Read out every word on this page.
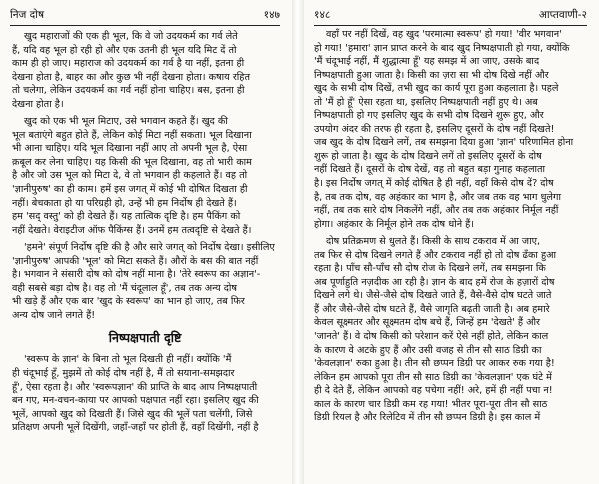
निज दोष	१४७
खुद महाराजों की एक ही भूल, कि वे जो उदयकर्म का गर्व लेते
हैं, यदि वह भूल हो रही हो और एक उतनी ही भूल यदि मिट दें तो
काम ही हो जाए। महाराज को उदयकर्म का गर्व है या नहीं, इतना ही
देखना होता है, बाहर का और कुछ भी नहीं देखना होता। कषाय रहित
तो चलेगा, लेकिन उदयकर्म का गर्व नहीं होना चाहिए। बस, इतना ही
देखना होता है।
खुद को एक भी भूल मिटाए, उसे भगवान कहते हैं। खुद की
भूल बताएंगे बहुत होते हैं, लेकिन कोई मिटा नहीं सकता। भूल दिखाना
भी आना चाहिए। यदि भूल दिखाना नहीं आए तो अपनी भूल है, ऐसा
क़बूल कर लेना चाहिए। यह किसी की भूल दिखाना, वह तो भारी काम
है और जो उस भूल को मिटा दे, वे तो भगवान ही कहलाते हैं। वह तो
'ज्ञानीपुरुष' का ही काम। हमें इस जगत् में कोई भी दोषित दिखता ही
नहीं। बेचकाता हो या परिग्रही हो, उन्हें भी हम निर्दोष ही देखते हैं।
हम 'सद् वस्तु' को ही देखते हैं। यह तात्विक दृष्टि है। हम पैकिंग को
नहीं देखते। वेराइटीज ऑफ पैकिंग्स हैं। उनमें हम तत्वदृष्टि से देखते हैं।
'हमने' संपूर्ण निर्दोष दृष्टि की है और सारे जगत् को निर्दोष देखा। इसीलिए
'ज्ञानीपुरुष' आपकी 'भूल' को मिटा सकते हैं। औरों के बस की बात नहीं
है। भगवान ने संसारी दोष को दोष नहीं माना है। 'तेरे स्वरूप का अज्ञान'-
वही सबसे बड़ा दोष है। वह तो 'मैं चंदूलाल हूँ', तब तक अन्य दोष
भी खड़े हैं और एक बार 'खुद के स्वरूप' का भान हो जाए, तब फिर
अन्य दोष जाने लगते हैं!
निष्पक्षपाती दृष्टि
'स्वरूप के ज्ञान' के बिना तो भूल दिखती ही नहीं। क्योंकि 'मैं
ही चंदूभाई हूँ, मुझमें तो कोई दोष नहीं है, मैं तो सयाना-समझदार
हूँ', ऐसा रहता है। और 'स्वरूपज्ञान' की प्राप्ति के बाद आप निष्पक्षपाती
बन गए, मन-वचन-काया पर आपको पक्षपात नहीं रहा। इसलिए खुद की
भूलें, आपको खुद को दिखती हैं। जिसे खुद की भूलें पता चलेंगी, जिसे
प्रतिक्षण अपनी भूलें दिखेंगी, जहाँ-जहाँ पर होती हैं, वहाँ दिखेंगी, नहीं है
१४८	आप्तवाणी-२
वहाँ पर नहीं दिखें, वह खुद 'परमात्मा स्वरूप' हो गया! 'वीर भगवान'
हो गया! 'हमारा' ज्ञान प्राप्त करने के बाद खुद निष्पक्षपाती हो गया, क्योंकि
'मैं चंदूभाई नहीं, मैं शुद्धात्मा हूँ' यह समझ में आ जाए, उसके बाद
निष्पक्षपाती हुआ जाता है। किसी का ज़रा सा भी दोष दिखे नहीं और
खुद के सभी दोष दिखें, तभी खुद का कार्य पूरा हुआ कहलाता है। पहले
तो 'मैं हो हूँ' ऐसा रहता था, इसलिए निष्पक्षपाती नहीं हुए थे। अब
निष्पक्षपाती हो गए इसलिए खुद के सभी दोष दिखने शुरू हुए, और
उपयोग अंदर की तरफ ही रहता है, इसलिए दूसरों के दोष नहीं दिखते!
जब खुद के दोष दिखने लगें, तब समझना दिया हुआ 'ज्ञान' परिणामित होना
शुरू हो जाता है। खुद के दोष दिखने लगें तो इसलिए दूसरों के दोष
नहीं दिखते हैं। दूसरों के दोष देखें, वह तो बहुत बड़ा गुनाह कहलाता
है। इस निर्दोष जगत् में कोई दोषित है ही नहीं, वहाँ किसे दोष दें? दोष
है, तब तक दोष, वह अहंकार का भाग है, और जब तक वह भाग धुलेगा
नहीं, तब तक सारे दोष निकलेंगे नहीं, और तब तक अहंकार निर्मूल नहीं
होगा। अहंकार के निर्मूल होने तक दोष धोने हैं।
दोष प्रतिक्रमण से धुलते हैं। किसी के साथ टकराव में आ जाए,
तब फिर से दोष दिखने लगते हैं और टकराव नहीं हो तो दोष ढँका हुआ
रहता है। पाँच सौ-पाँच सौ दोष रोज के दिखने लगें, तब समझना कि
अब पूर्णाहुति नज़दीक आ रही है। ज्ञान के बाद हमें रोज के हज़ारों दोष
दिखने लगे थे। जैसे-जैसे दोष दिखते जाते हैं, वैसे-वैसे दोष घटते जाते
हैं और जैसे-जैसे दोष घटते हैं, वैसे जागृति बढ़ती जाती है। अब हमारे
केवल सूक्ष्मतर और सूक्ष्मतम दोष बचे हैं, जिन्हें हम 'देखते' हैं और
'जानते' हैं। वे दोष किसी को परेशान करें ऐसे नहीं होते, लेकिन काल
के कारण वे अटके हुए हैं और उसी वजह से तीन सौ साठ डिग्री का
'केवलज्ञान' रुका हुआ है। तीन सौ छप्पन डिग्री पर आकर रुक गया है!
लेकिन हम आपको पूरा तीन सौ साठ डिग्री का 'केवलज्ञान' एक घंटे में
ही दे देते हैं, लेकिन आपको वह पचेगा नहीं! अरे, हमें ही नहीं पचा न!
काल के कारण चार डिग्री कम रह गया! भीतर पूरा-पूरा तीन सौ साठ
डिग्री रियल है और रिलेटिव में तीन सौ छप्पन डिग्री है। इस काल में
